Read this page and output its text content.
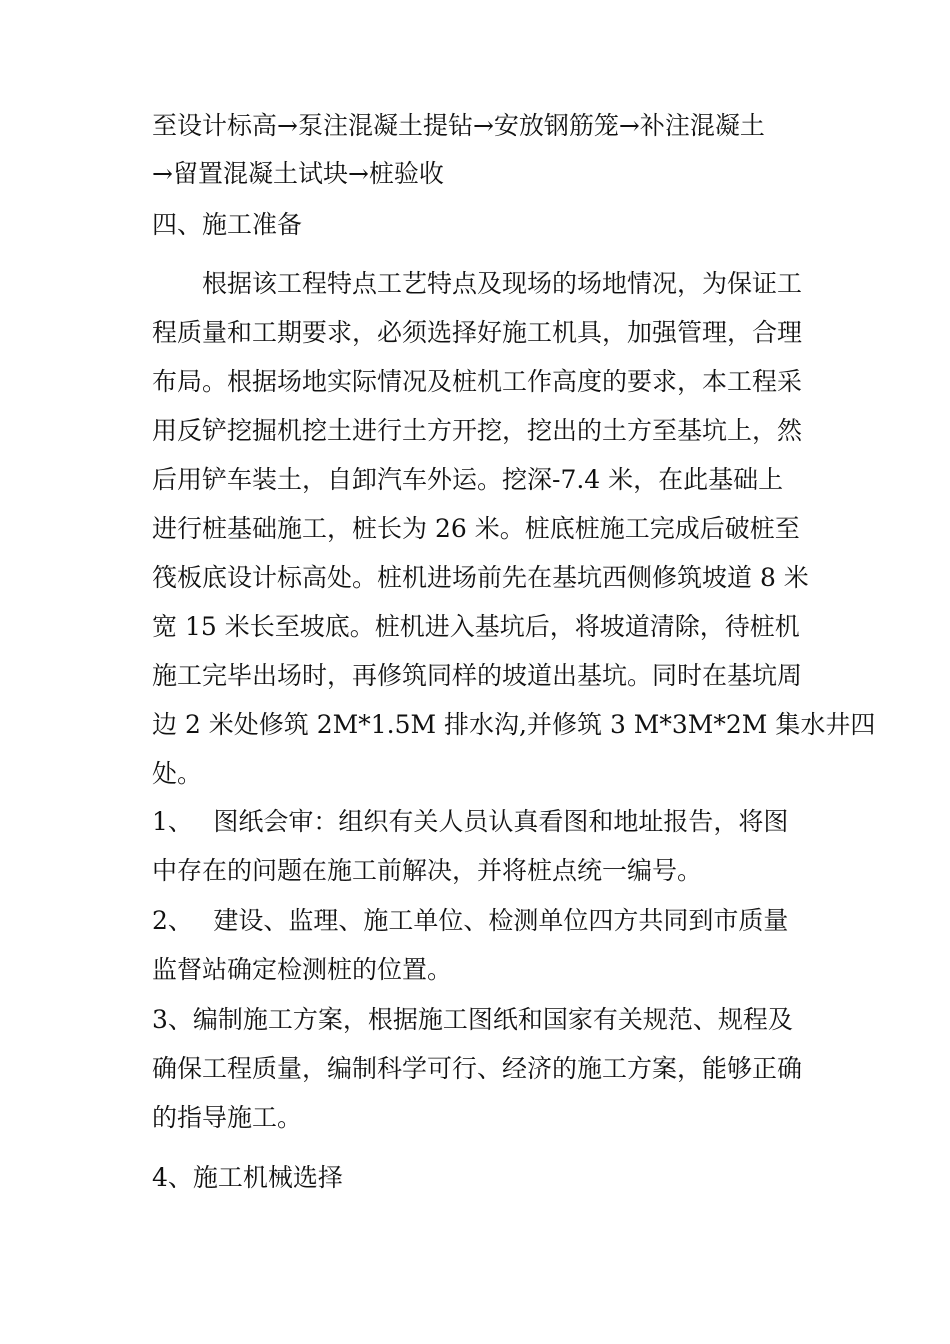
至设计标高→泵注混凝土提钻→安放钢筋笼→补注混凝土
→留置混凝土试块→桩验收
四、施工准备
根据该工程特点工艺特点及现场的场地情况，为保证工
程质量和工期要求，必须选择好施工机具，加强管理，合理
布局。根据场地实际情况及桩机工作高度的要求，本工程采
用反铲挖掘机挖土进行土方开挖，挖出的土方至基坑上，然
后用铲车装土，自卸汽车外运。挖深-7.4 米，在此基础上
进行桩基础施工，桩长为 26 米。桩底桩施工完成后破桩至
筏板底设计标高处。桩机进场前先在基坑西侧修筑坡道 8 米
宽 15 米长至坡底。桩机进入基坑后，将坡道清除，待桩机
施工完毕出场时，再修筑同样的坡道出基坑。同时在基坑周
边 2 米处修筑 2M*1.5M 排水沟,并修筑 3 M*3M*2M 集水井四
处。
1、　 图纸会审：组织有关人员认真看图和地址报告，将图
中存在的问题在施工前解决，并将桩点统一编号。
2、　 建设、监理、施工单位、检测单位四方共同到市质量
监督站确定检测桩的位置。
3、编制施工方案，根据施工图纸和国家有关规范、规程及
确保工程质量，编制科学可行、经济的施工方案，能够正确
的指导施工。
4、施工机械选择
